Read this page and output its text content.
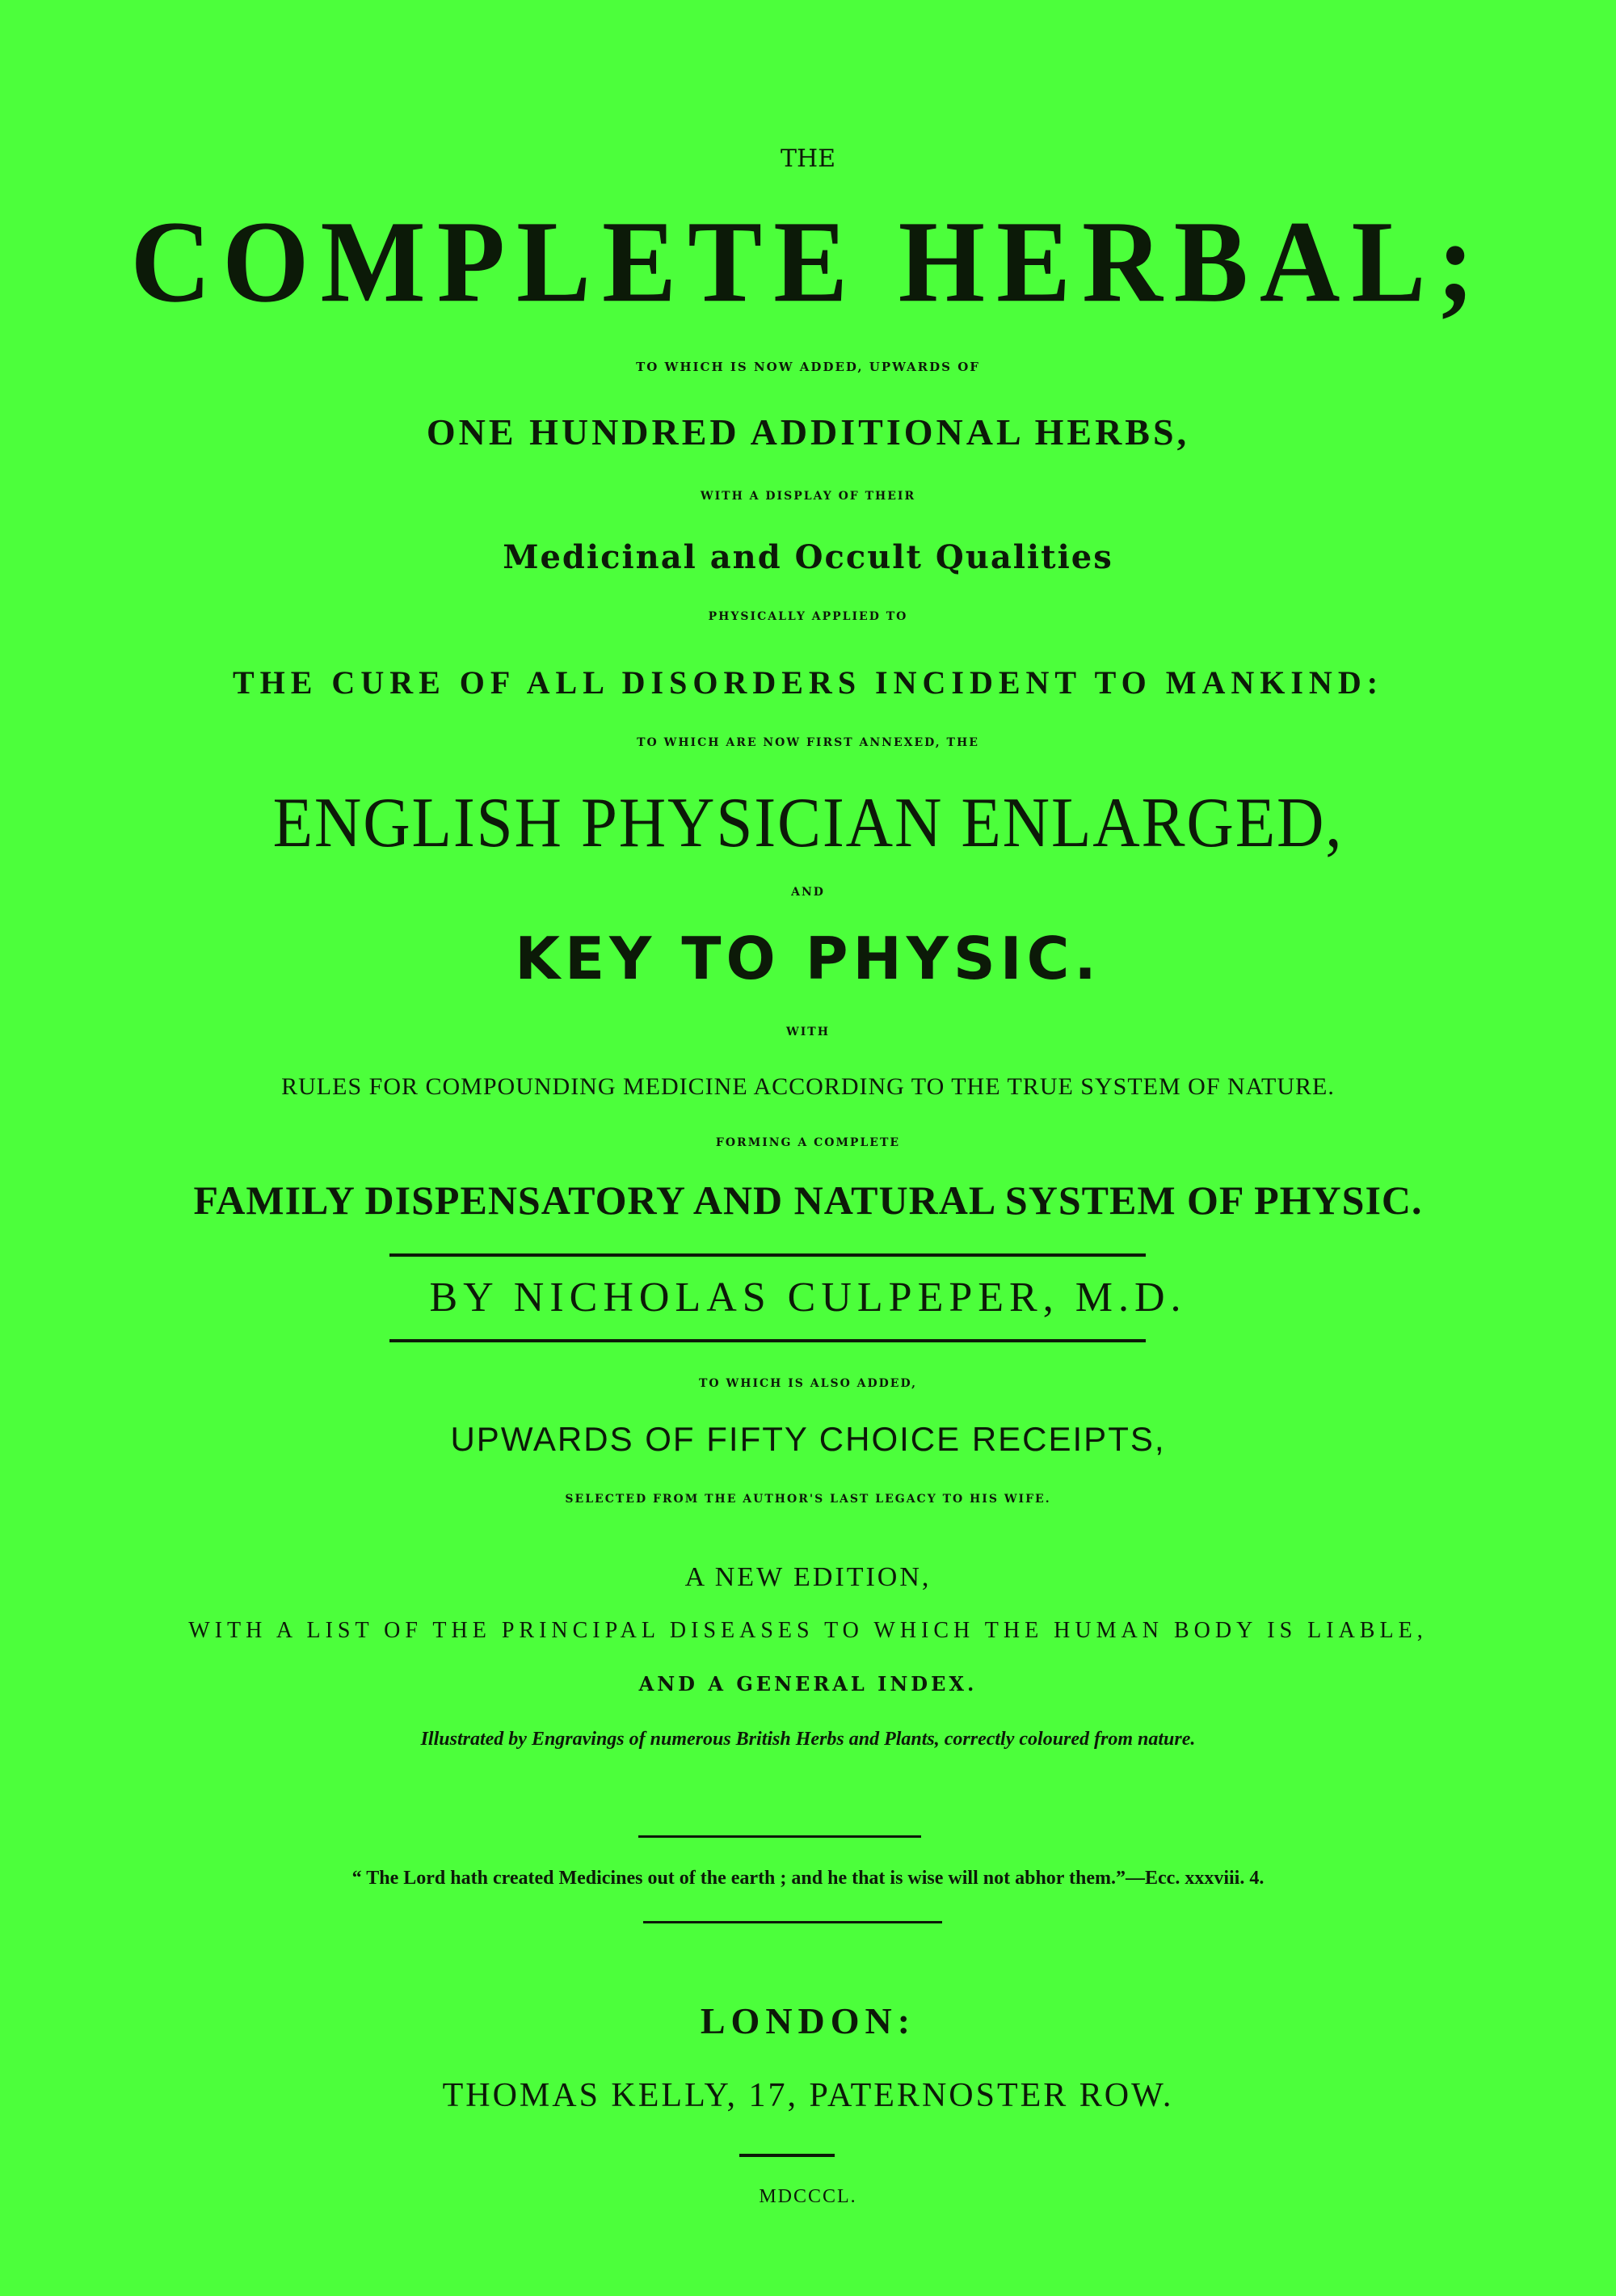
THE
COMPLETE HERBAL;
TO WHICH IS NOW ADDED, UPWARDS OF
ONE HUNDRED ADDITIONAL HERBS,
WITH A DISPLAY OF THEIR
Medicinal and Occult Qualities
PHYSICALLY APPLIED TO
THE CURE OF ALL DISORDERS INCIDENT TO MANKIND:
TO WHICH ARE NOW FIRST ANNEXED, THE
ENGLISH PHYSICIAN ENLARGED,
AND
KEY TO PHYSIC.
WITH
RULES FOR COMPOUNDING MEDICINE ACCORDING TO THE TRUE SYSTEM OF NATURE.
FORMING A COMPLETE
FAMILY DISPENSATORY AND NATURAL SYSTEM OF PHYSIC.
BY NICHOLAS CULPEPER, M.D.
TO WHICH IS ALSO ADDED,
UPWARDS OF FIFTY CHOICE RECEIPTS,
SELECTED FROM THE AUTHOR'S LAST LEGACY TO HIS WIFE.
A NEW EDITION,
WITH A LIST OF THE PRINCIPAL DISEASES TO WHICH THE HUMAN BODY IS LIABLE,
AND A GENERAL INDEX.
Illustrated by Engravings of numerous British Herbs and Plants, correctly coloured from nature.
“ The Lord hath created Medicines out of the earth ; and he that is wise will not abhor them.”—Ecc. xxxviii. 4.
LONDON:
THOMAS KELLY, 17, PATERNOSTER ROW.
MDCCCL.
